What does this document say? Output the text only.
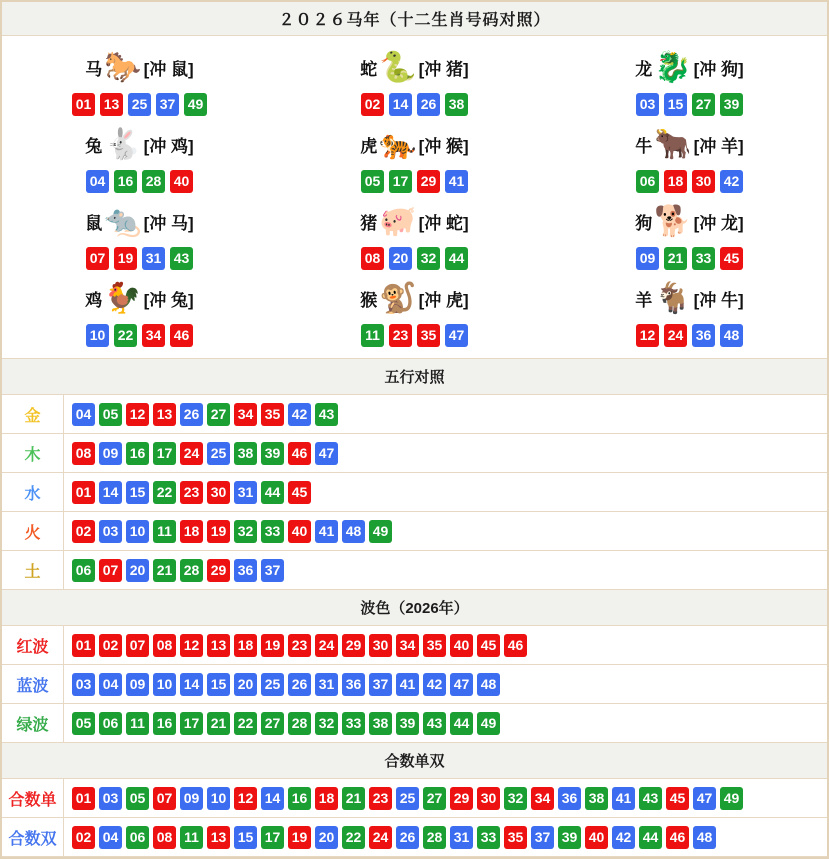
２０２６马年（十二生肖号码对照）
马 🐎 [冲 鼠]
01 13 25 37 49
蛇 🐍 [冲 猪]
02 14 26 38
龙 🐉 [冲 狗]
03 15 27 39
兔 🐇 [冲 鸡]
04 16 28 40
虎 🐅 [冲 猴]
05 17 29 41
牛 🐂 [冲 羊]
06 18 30 42
鼠 🐀 [冲 马]
07 19 31 43
猪 🐖 [冲 蛇]
08 20 32 44
狗 🐕 [冲 龙]
09 21 33 45
鸡 🐓 [冲 兔]
10 22 34 46
猴 🐒 [冲 虎]
11 23 35 47
羊 🐐 [冲 牛]
12 24 36 48
五行对照
金	04 05 12 13 26 27 34 35 42 43
木	08 09 16 17 24 25 38 39 46 47
水	01 14 15 22 23 30 31 44 45
火	02 03 10 11 18 19 32 33 40 41 48 49
土	06 07 20 21 28 29 36 37
波色（2026年）
红波	01 02 07 08 12 13 18 19 23 24 29 30 34 35 40 45 46
蓝波	03 04 09 10 14 15 20 25 26 31 36 37 41 42 47 48
绿波	05 06 11 16 17 21 22 27 28 32 33 38 39 43 44 49
合数单双
合数单	01 03 05 07 09 10 12 14 16 18 21 23 25 27 29 30 32 34 36 38 41 43 45 47 49
合数双	02 04 06 08 11 13 15 17 19 20 22 24 26 28 31 33 35 37 39 40 42 44 46 48
